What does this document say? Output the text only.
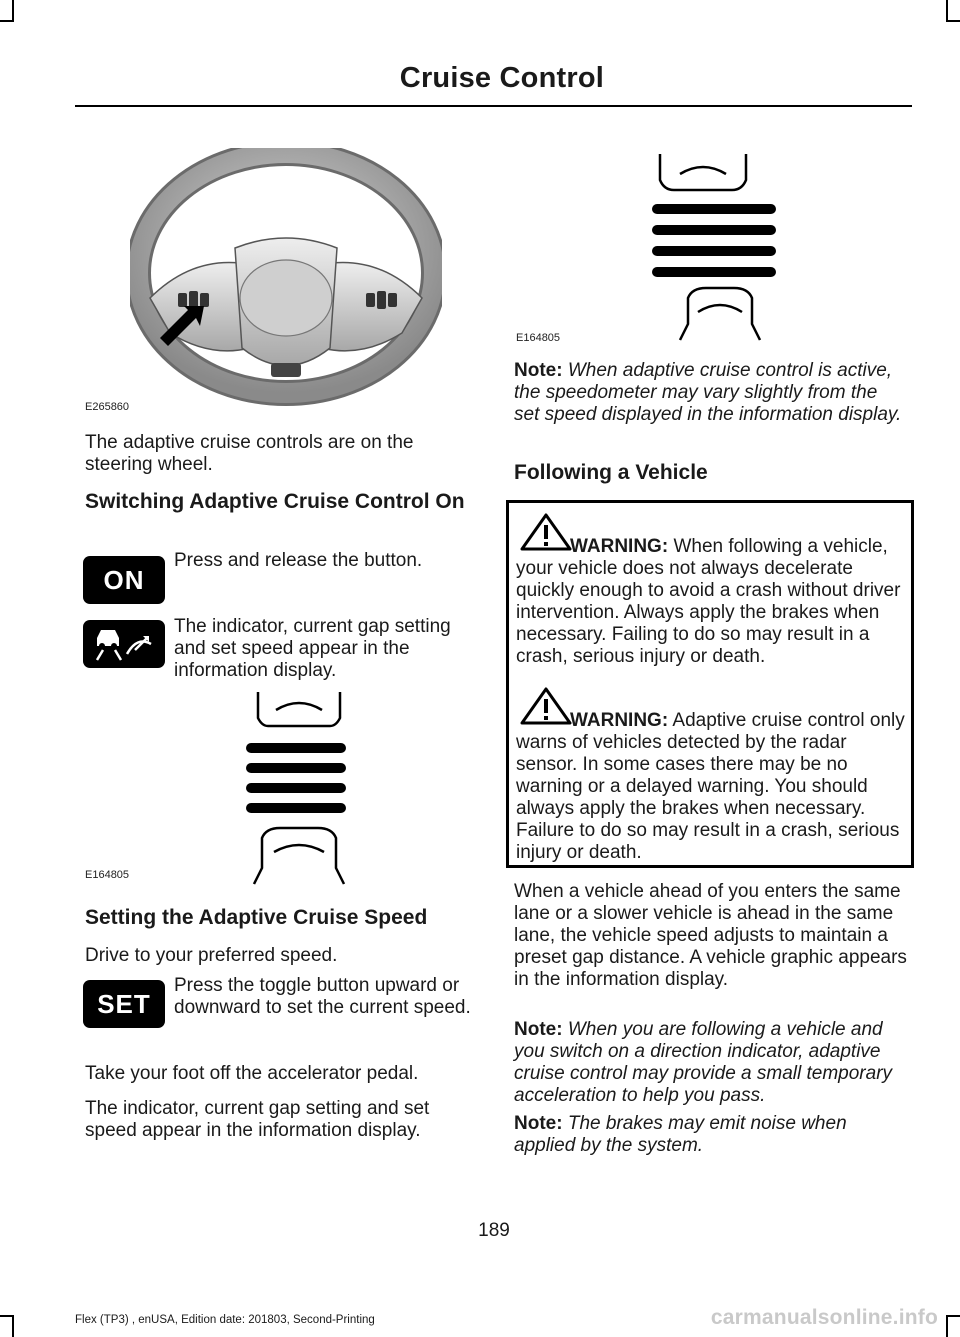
Cruise Control
E265860
The adaptive cruise controls are on the steering wheel.
Switching Adaptive Cruise Control On
ON
Press and release the button.
The indicator, current gap setting and set speed appear in the information display.
E164805
Setting the Adaptive Cruise Speed
Drive to your preferred speed.
SET
Press the toggle button upward or downward to set the current speed.
Take your foot off the accelerator pedal.
The indicator, current gap setting and set speed appear in the information display.
E164805
Note: When adaptive cruise control is active, the speedometer may vary slightly from the set speed displayed in the information display.
Following a Vehicle
WARNING: When following a vehicle, your vehicle does not always decelerate quickly enough to avoid a crash without driver intervention. Always apply the brakes when necessary. Failing to do so may result in a crash, serious injury or death.
WARNING: Adaptive cruise control only warns of vehicles detected by the radar sensor. In some cases there may be no warning or a delayed warning. You should always apply the brakes when necessary. Failure to do so may result in a crash, serious injury or death.
When a vehicle ahead of you enters the same lane or a slower vehicle is ahead in the same lane, the vehicle speed adjusts to maintain a preset gap distance. A vehicle graphic appears in the information display.
Note: When you are following a vehicle and you switch on a direction indicator, adaptive cruise control may provide a small temporary acceleration to help you pass.
Note: The brakes may emit noise when applied by the system.
189
Flex (TP3) , enUSA, Edition date: 201803, Second-Printing	carmanualsonline.info
